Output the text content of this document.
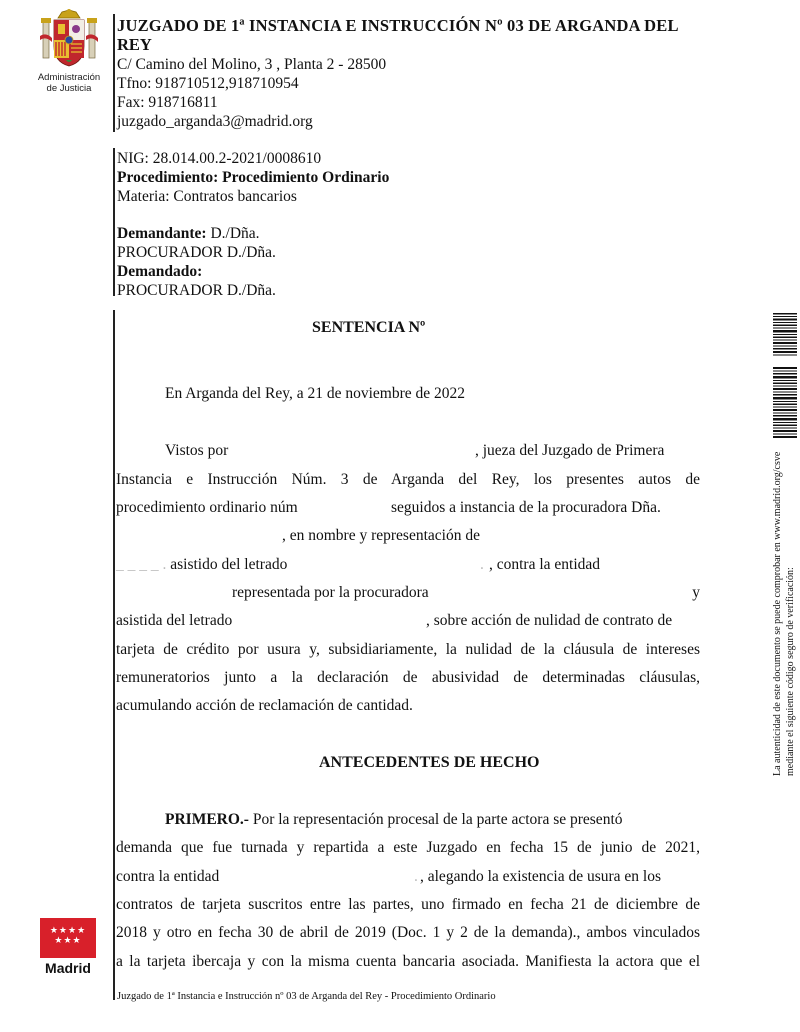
Administración
de Justicia
JUZGADO DE 1ª INSTANCIA E INSTRUCCIÓN Nº 03 DE ARGANDA DEL
REY
C/ Camino del Molino, 3 , Planta 2 - 28500
Tfno: 918710512,918710954
Fax: 918716811
juzgado_arganda3@madrid.org
NIG: 28.014.00.2-2021/0008610
Procedimiento: Procedimiento Ordinario
Materia: Contratos bancarios
Demandante: D./Dña.
PROCURADOR D./Dña.
Demandado:
PROCURADOR D./Dña.
SENTENCIA Nº
En Arganda del Rey, a 21 de noviembre de 2022
Vistos por	, jueza del Juzgado de Primera
Instancia e Instrucción Núm. 3 de Arganda del Rey, los presentes autos de
procedimiento ordinario núm	seguidos a instancia de la procuradora Dña.
, en nombre y representación de
_ _ _ _ . asistido del letrado	. , contra la entidad
representada por la procuradora	y
asistida del letrado	, sobre acción de nulidad de contrato de
tarjeta de crédito por usura y, subsidiariamente, la nulidad de la cláusula de intereses
remuneratorios junto a la declaración de abusividad de determinadas cláusulas,
acumulando acción de reclamación de cantidad.
ANTECEDENTES DE HECHO
PRIMERO.- Por la representación procesal de la parte actora se presentó
demanda que fue turnada y repartida a este Juzgado en fecha 15 de junio de 2021,
contra la entidad	. , alegando la existencia de usura en los
contratos de tarjeta suscritos entre las partes, uno firmado en fecha 21 de diciembre de
2018 y otro en fecha 30 de abril de 2019 (Doc. 1 y 2 de la demanda)., ambos vinculados
a la tarjeta ibercaja y con la misma cuenta bancaria asociada. Manifiesta la actora que el
Juzgado de 1ª Instancia e Instrucción nº 03 de Arganda del Rey - Procedimiento Ordinario
★★★★
★★★
Madrid
La autenticidad de este documento se puede comprobar en www.madrid.org/csve mediante el siguiente código seguro de verificación:
